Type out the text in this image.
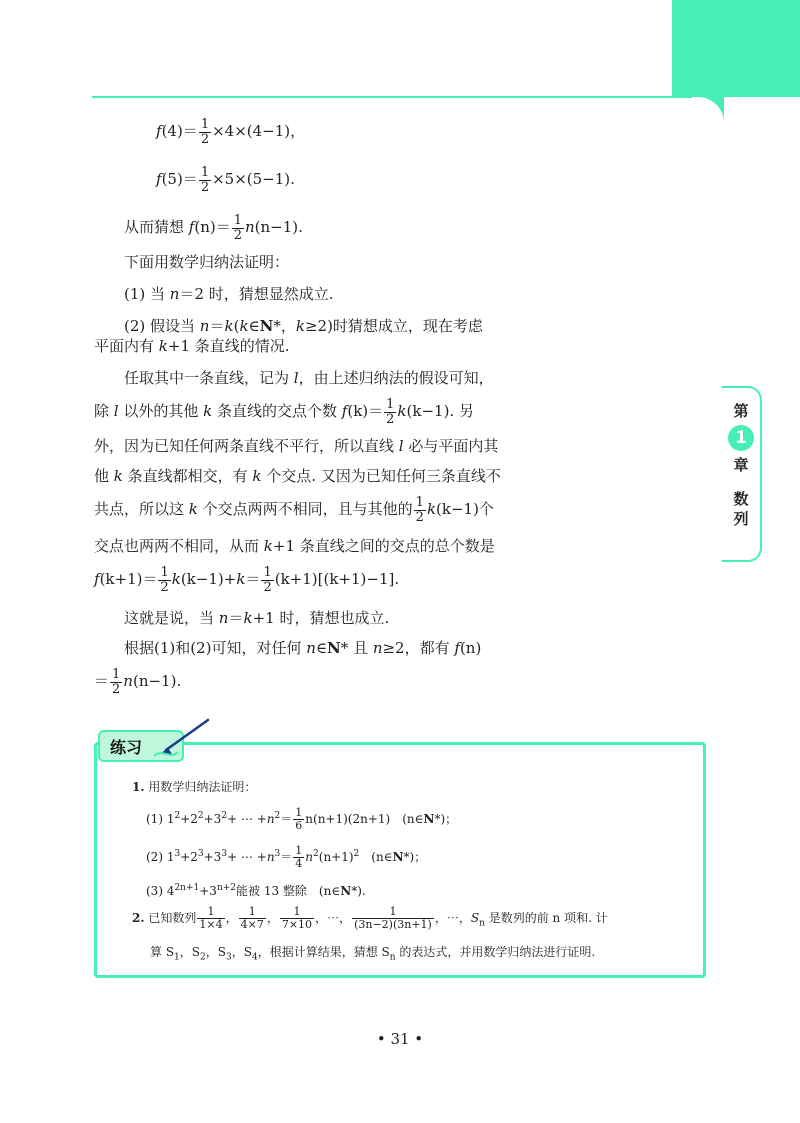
第
1
章
数
列
$f(4)= \frac{1}{2} \times 4\times(4-1)$，
$f(5)= \frac{1}{2} \times 5\times(5-1)$.
从而猜想 $f(n)= \frac{1}{2} n(n-1)$.
下面用数学归纳法证明：
(1) 当 n＝2 时，猜想显然成立.
(2) 假设当 n＝k(k∈N*，k≥2)时猜想成立，现在考虑
平面内有 k+1 条直线的情况.
任取其中一条直线，记为 l，由上述归纳法的假设可知，
除 l 以外的其他 k 条直线的交点个数 $f(k)= \frac{1}{2} k(k-1)$. 另
外，因为已知任何两条直线不平行，所以直线 l 必与平面内其
他 k 条直线都相交，有 k 个交点. 又因为已知任何三条直线不
共点，所以这 k 个交点两两不相同，且与其他的 $\frac{1}{2} k(k-1)$个
交点也两两不相同，从而 k+1 条直线之间的交点的总个数是
$f(k+1)= \frac{1}{2} k(k-1)+k= \frac{1}{2} (k+1)[(k+1)-1]$.
这就是说，当 n＝k+1 时，猜想也成立.
根据(1)和(2)可知，对任何 n∈N* 且 n≥2，都有 f(n)
＝ $\frac{1}{2} n(n-1)$.
练习
1. 用数学归纳法证明：
(1) $1^2+2^2+3^2+$ ⋯ $+n^2= \frac{1}{6} n(n+1)(2n+1)$　(n∈N*)；
(2) $1^3+2^3+3^3+$ ⋯ $+n^3= \frac{1}{4} n^2(n+1)^2$　(n∈N*)；
(3) $4^{2n+1}+3^{n+2}$能被 13 整除　(n∈N*).
2. 已知数列 $\frac{1}{1\times 4}$ ， $\frac{1}{4\times 7}$ ， $\frac{1}{7\times 10}$ ，⋯， $\frac{1}{(3n-2)(3n+1)}$ ，⋯，$S_n$ 是数列的前 n 项和. 计
算 $S_1$，$S_2$，$S_3$，$S_4$，根据计算结果，猜想 $S_n$ 的表达式，并用数学归纳法进行证明.
• 31 •
